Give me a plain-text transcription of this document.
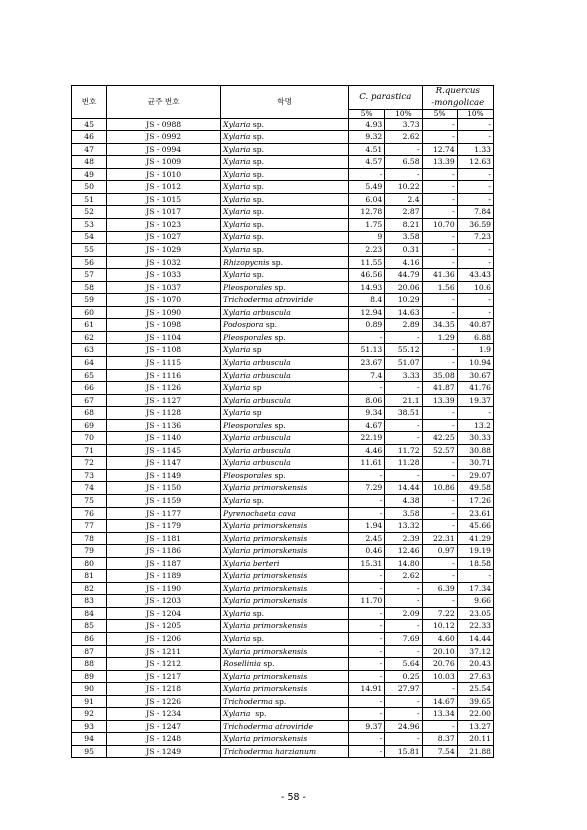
번호	균주 번호	학명	C. parastica		R.quercus
-mongolicae	
			5%	10%	5%	10%
45	JS - 0988	Xylaria sp.	4.93	3.73	-	-
46	JS - 0992	Xylaria sp.	9.32	2.62	-	-
47	JS - 0994	Xylaria sp.	4.51	-	12.74	1.33
48	JS - 1009	Xylaria sp.	4.57	6.58	13.39	12.63
49	JS - 1010	Xylaria sp.	-	-	-	-
50	JS - 1012	Xylaria sp.	5.49	10.22	-	-
51	JS - 1015	Xylaria sp.	6.04	2.4	-	-
52	JS - 1017	Xylaria sp.	12.78	2.87	-	7.84
53	JS - 1023	Xylaria sp.	1.75	8.21	10.70	36.59
54	JS - 1027	Xylaria sp.	9	3.58	-	7.23
55	JS - 1029	Xylaria sp.	2.23	0.31	-	-
56	JS - 1032	Rhizopycnis sp.	11.55	4.16	-	-
57	JS - 1033	Xylaria sp.	46.56	44.79	41.36	43.43
58	JS - 1037	Pleosporales sp.	14.93	20.06	1.56	10.6
59	JS - 1070	Trichoderma atroviride	8.4	10.29	-	-
60	JS - 1090	Xylaria arbuscula	12.94	14.63	-	-
61	JS - 1098	Podospora sp.	0.89	2.89	34.35	40.87
62	JS - 1104	Pleosporales sp.	-	-	1.29	6.88
63	JS - 1108	Xylaria sp	51.13	55.12	-	1.9
64	JS - 1115	Xylaria arbuscula	23.67	51.07	-	10.94
65	JS - 1116	Xylaria arbuscula	7.4	3.33	35.08	30.67
66	JS - 1126	Xylaria sp	-	-	41.87	41.76
67	JS - 1127	Xylaria arbuscula	8.06	21.1	13.39	19.37
68	JS - 1128	Xylaria sp	9.34	38.51	-	-
69	JS - 1136	Pleosporales sp.	4.67	-	-	13.2
70	JS - 1140	Xylaria arbuscula	22.19	-	42.25	30.33
71	JS - 1145	Xylaria arbuscula	4.46	11.72	52.57	30.88
72	JS - 1147	Xylaria arbuscula	11.61	11.28	-	30.71
73	JS - 1149	Pleosporales sp.	-	-	-	29.07
74	JS - 1150	Xylaria primorskensis	7.29	14.44	10.86	49.58
75	JS - 1159	Xylaria sp.	-	4.38	-	17.26
76	JS - 1177	Pyrenochaeta cava	-	3.58	-	23.61
77	JS - 1179	Xylaria primorskensis	1.94	13.32	-	45.66
78	JS - 1181	Xylaria primorskensis	2.45	2.39	22.31	41.29
79	JS - 1186	Xylaria primorskensis	0.46	12.46	0.97	19.19
80	JS - 1187	Xylaria berteri	15.31	14.80	-	18.58
81	JS - 1189	Xylaria primorskensis	-	2.62	-	-
82	JS - 1190	Xylaria primorskensis	-	-	6.39	17.34
83	JS - 1203	Xylaria primorskensis	11.70	-	-	9.66
84	JS - 1204	Xylaria sp.	-	2.09	7.22	23.05
85	JS - 1205	Xylaria primorskensis	-	-	10.12	22.33
86	JS - 1206	Xylaria sp.	-	7.69	4.60	14.44
87	JS - 1211	Xylaria primorskensis	-	-	20.10	37.12
88	JS - 1212	Rosellinia sp.	-	5.64	20.76	20.43
89	JS - 1217	Xylaria primorskensis	-	0.25	10.03	27.63
90	JS - 1218	Xylaria primorskensis	14.91	27.97	-	25.54
91	JS - 1226	Trichoderma sp.	-	-	14.67	39.65
92	JS - 1234	Xylaria  sp.	-	-	13.34	22.00
93	JS - 1247	Trichoderma atroviride	9.37	24.96	-	13.27
94	JS - 1248	Xylaria primorskensis	-	-	8.37	20.11
95	JS - 1249	Trichoderma harzianum	-	15.81	7.54	21.88
- 58 -
